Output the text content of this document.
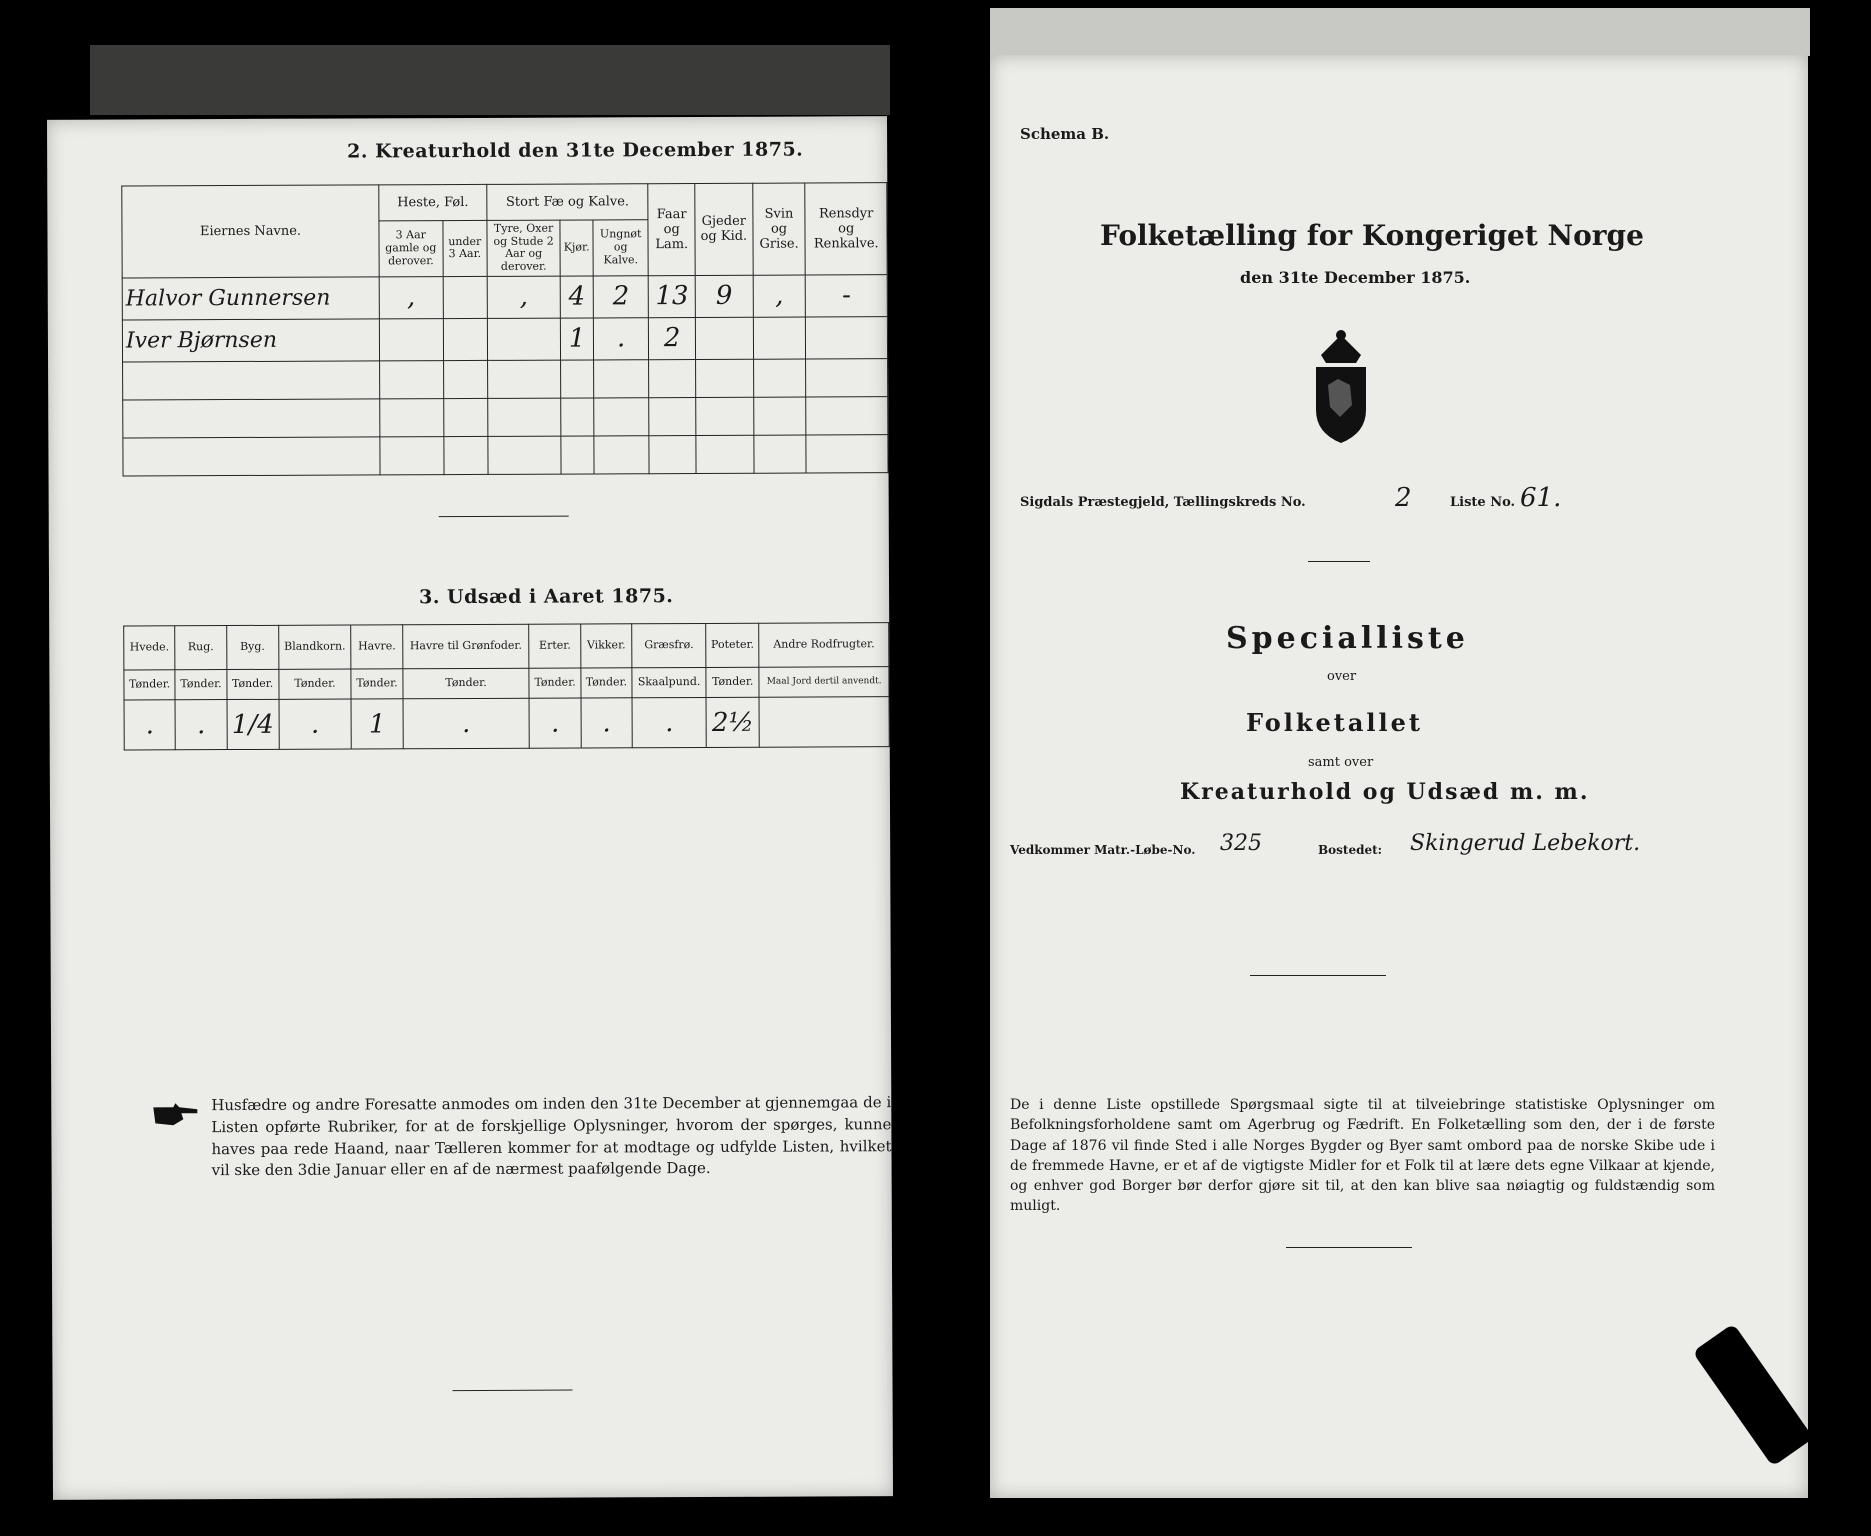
2. Kreaturhold den 31te December 1875.
Eiernes Navne.	Heste, Føl.		Stort Fæ og Kalve.			Faar og Lam.	Gjeder og Kid.	Svin og Grise.	Rensdyr og Renkalve.
	3 Aar gamle og derover.	under 3 Aar.	Tyre, Oxer og Stude 2 Aar og derover.	Kjør.	Ungnøt og Kalve.				
Halvor Gunnersen	,		,	4	2	13	9	,	-
Iver Bjørnsen				1	.	2			

3. Udsæd i Aaret 1875.
Hvede.	Rug.	Byg.	Blandkorn.	Havre.	Havre til Grønfoder.	Erter.	Vikker.	Græsfrø.	Poteter.	Andre Rodfrugter.
Tønder.	Tønder.	Tønder.	Tønder.	Tønder.	Tønder.	Tønder.	Tønder.	Skaalpund.	Tønder.	Maal Jord dertil anvendt.
.	.	1/4	.	1	.	.	.	.	2½	
Husfædre og andre Foresatte anmodes om inden den 31te December at gjennemgaa de i Listen opførte Rubriker, for at de forskjellige Oplysninger, hvorom der spørges, kunne haves paa rede Haand, naar Tælleren kommer for at modtage og udfylde Listen, hvilket vil ske den 3die Januar eller en af de nærmest paafølgende Dage.
Schema B.
Folketælling for Kongeriget Norge
den 31te December 1875.
Sigdals Præstegjeld, Tællingskreds No.	2	Liste No. 61.
Specialliste
over
Folketallet
samt over
Kreaturhold og Udsæd m. m.
Vedkommer Matr.-Løbe-No. 325	Bostedet: Skingerud Lebekort.
De i denne Liste opstillede Spørgsmaal sigte til at tilveiebringe statistiske Oplysninger om Befolkningsforholdene samt om Agerbrug og Fædrift. En Folketælling som den, der i de første Dage af 1876 vil finde Sted i alle Norges Bygder og Byer samt ombord paa de norske Skibe ude i de fremmede Havne, er et af de vigtigste Midler for et Folk til at lære dets egne Vilkaar at kjende, og enhver god Borger bør derfor gjøre sit til, at den kan blive saa nøiagtig og fuldstændig som muligt.
